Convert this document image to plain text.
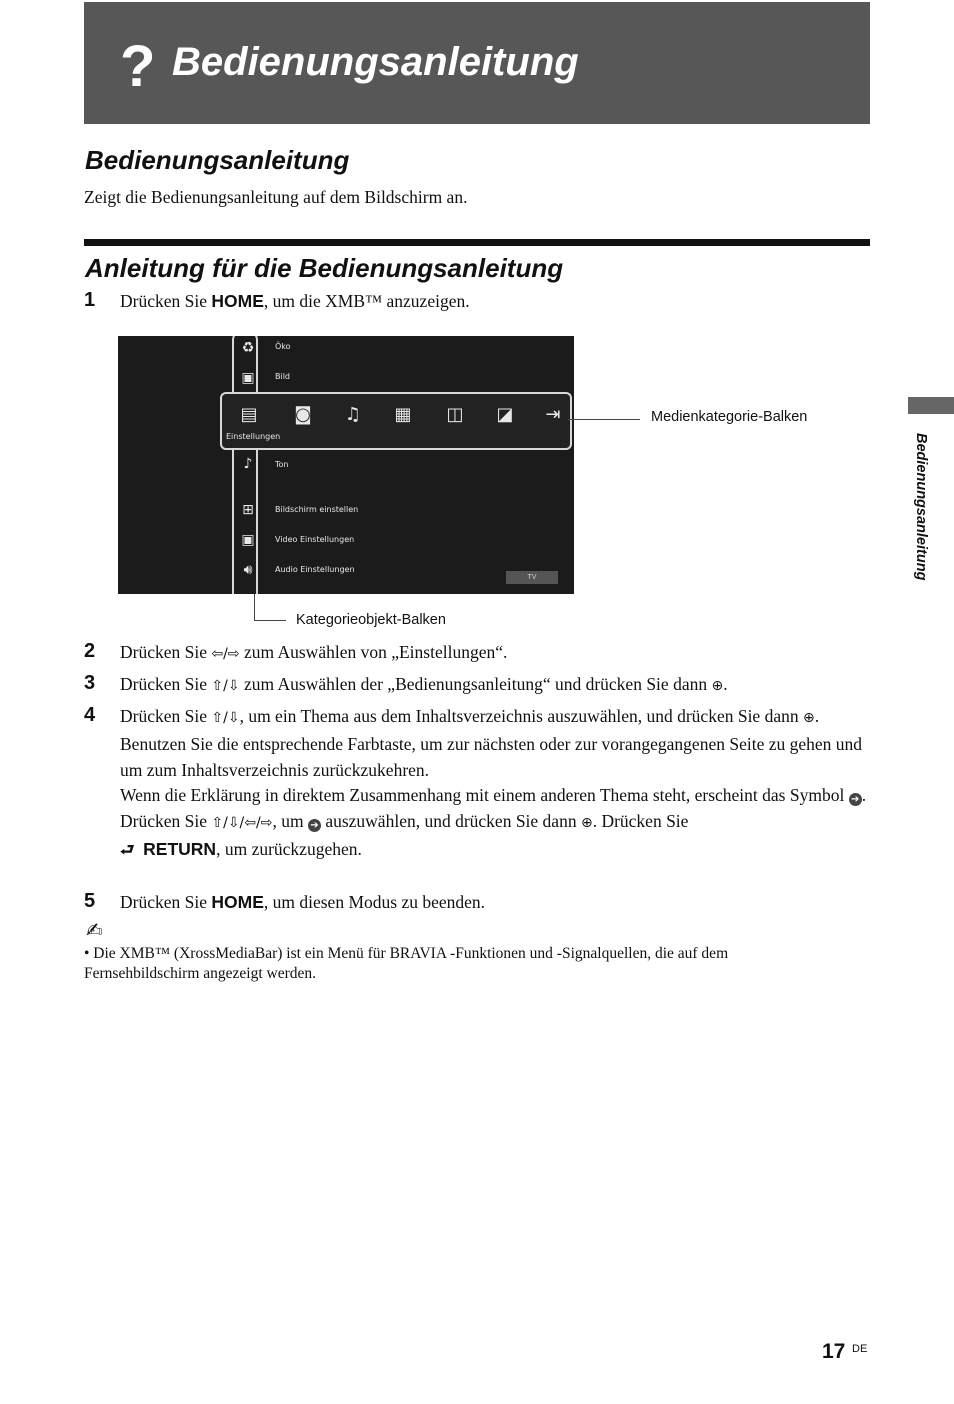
? Bedienungsanleitung
Bedienungsanleitung

Zeigt die Bedienungsanleitung auf dem Bildschirm an.

Anleitung für die Bedienungsanleitung
1 Drücken Sie HOME, um die XMB™ anzuzeigen.
♻	Öko
▣	Bild
▤ ◙ ♫ ▦ ◫ ◪	⇥
Einstellungen
♪	Ton
⊞	Bildschirm einstellen
▣	Video Einstellungen
🔊︎	Audio Einstellungen
TV
Medienkategorie-Balken
Kategorieobjekt-Balken
2 Drücken Sie ⇦/⇨ zum Auswählen von „Einstellungen“.
3 Drücken Sie ⇧/⇩ zum Auswählen der „Bedienungsanleitung“ und drücken Sie dann ⊕.
4 Drücken Sie ⇧/⇩, um ein Thema aus dem Inhaltsverzeichnis auszuwählen, und drücken Sie dann ⊕.
Benutzen Sie die entsprechende Farbtaste, um zur nächsten oder zur vorangegangenen Seite zu gehen und um zum Inhaltsverzeichnis zurückzukehren.
Wenn die Erklärung in direktem Zusammenhang mit einem anderen Thema steht, erscheint das Symbol ➔ . Drücken Sie ⇧/⇩/⇦/⇨, um ➔ auszuwählen, und drücken Sie dann ⊕. Drücken Sie
⮐ RETURN, um zurückzugehen.
5 Drücken Sie HOME, um diesen Modus zu beenden.
✍
• Die XMB™ (XrossMediaBar) ist ein Menü für BRAVIA -Funktionen und -Signalquellen, die auf dem Fernsehbildschirm angezeigt werden.
Bedienungsanleitung
17 DE
